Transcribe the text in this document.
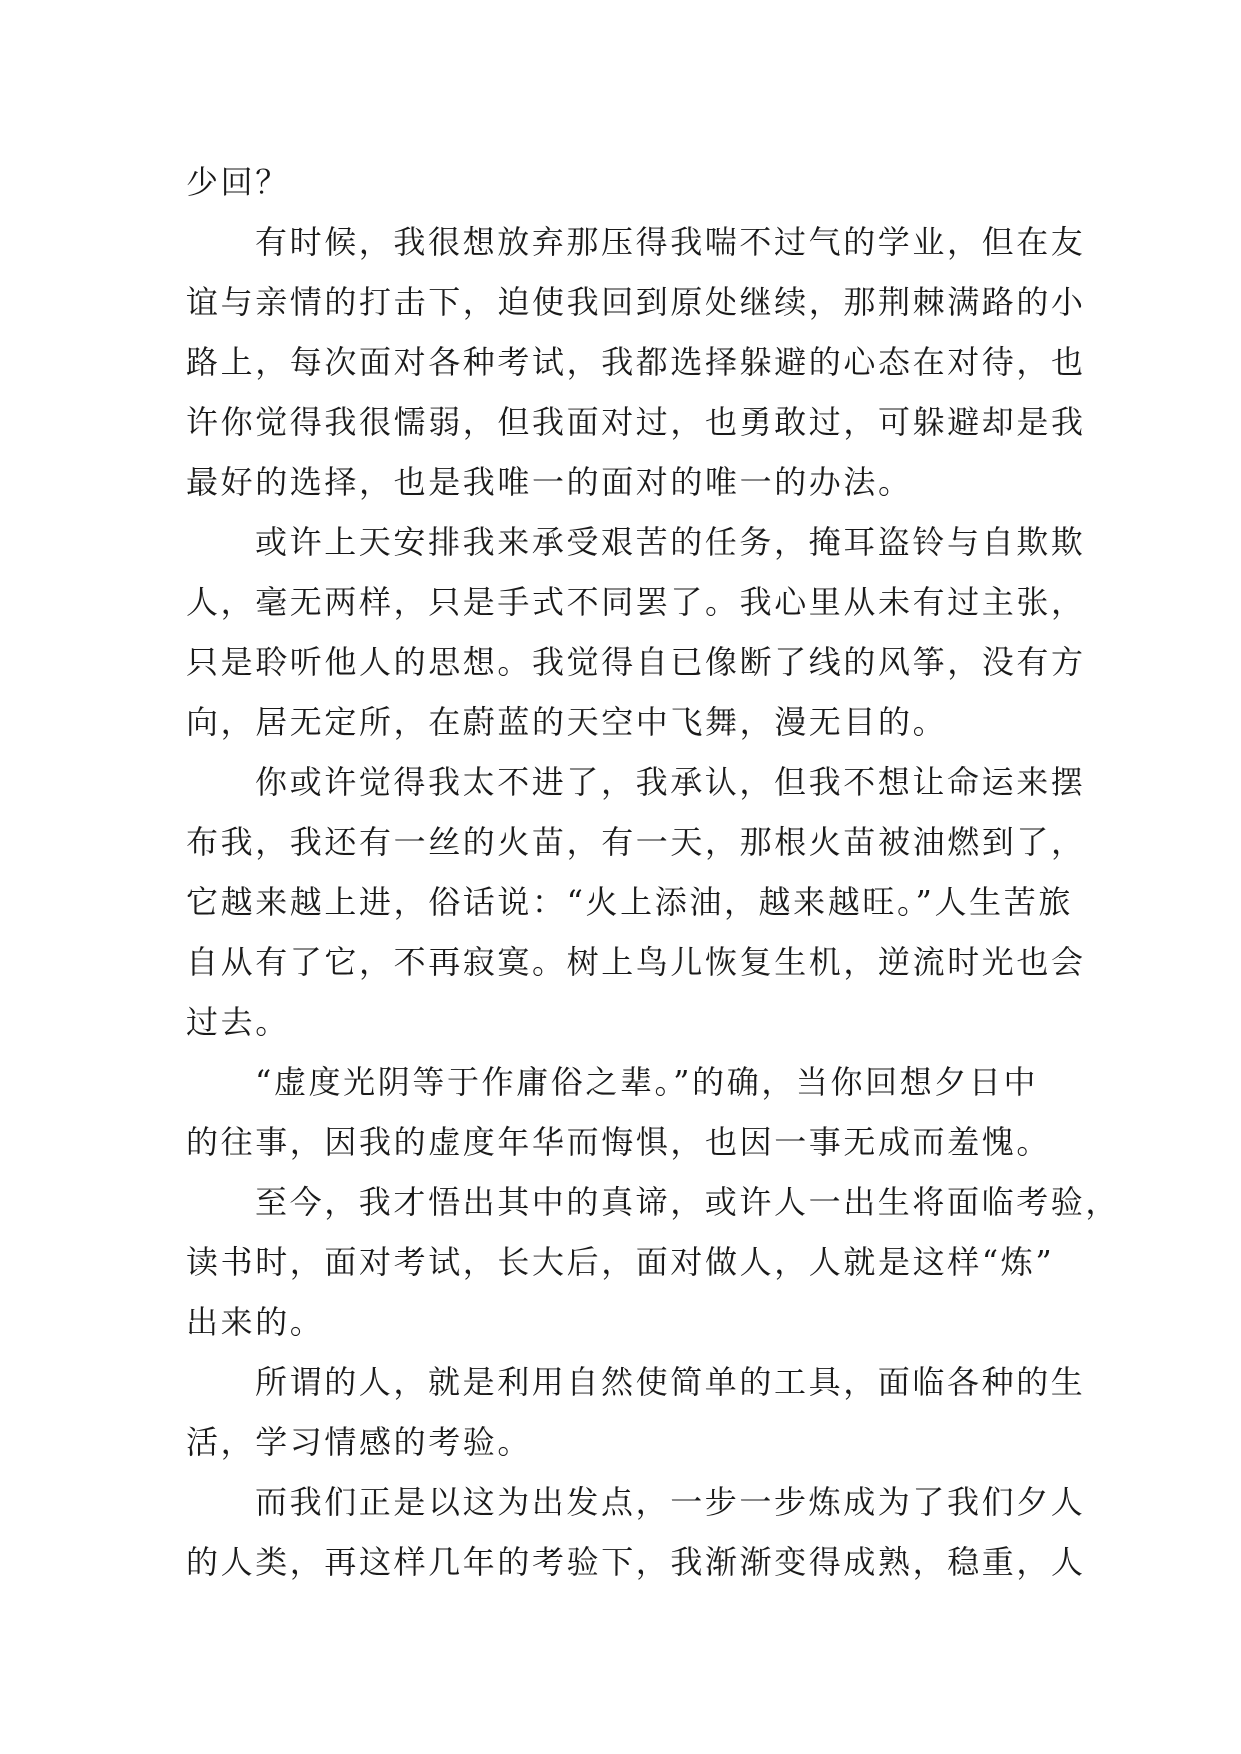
少回？
有时候，我很想放弃那压得我喘不过气的学业，但在友
谊与亲情的打击下，迫使我回到原处继续，那荆棘满路的小
路上，每次面对各种考试，我都选择躲避的心态在对待，也
许你觉得我很懦弱，但我面对过，也勇敢过，可躲避却是我
最好的选择，也是我唯一的面对的唯一的办法。
或许上天安排我来承受艰苦的任务，掩耳盗铃与自欺欺
人，毫无两样，只是手式不同罢了。我心里从未有过主张，
只是聆听他人的思想。我觉得自已像断了线的风筝，没有方
向，居无定所，在蔚蓝的天空中飞舞，漫无目的。
你或许觉得我太不进了，我承认，但我不想让命运来摆
布我，我还有一丝的火苗，有一天，那根火苗被油燃到了，
它越来越上进，俗话说：“火上添油，越来越旺。”人生苦旅
自从有了它，不再寂寞。树上鸟儿恢复生机，逆流时光也会
过去。
“虚度光阴等于作庸俗之辈。”的确，当你回想夕日中
的往事，因我的虚度年华而悔惧，也因一事无成而羞愧。
至今，我才悟出其中的真谛，或许人一出生将面临考验，
读书时，面对考试，长大后，面对做人，人就是这样“炼”
出来的。
所谓的人，就是利用自然使简单的工具，面临各种的生
活，学习情感的考验。
而我们正是以这为出发点，一步一步炼成为了我们夕人
的人类，再这样几年的考验下，我渐渐变得成熟，稳重，人
